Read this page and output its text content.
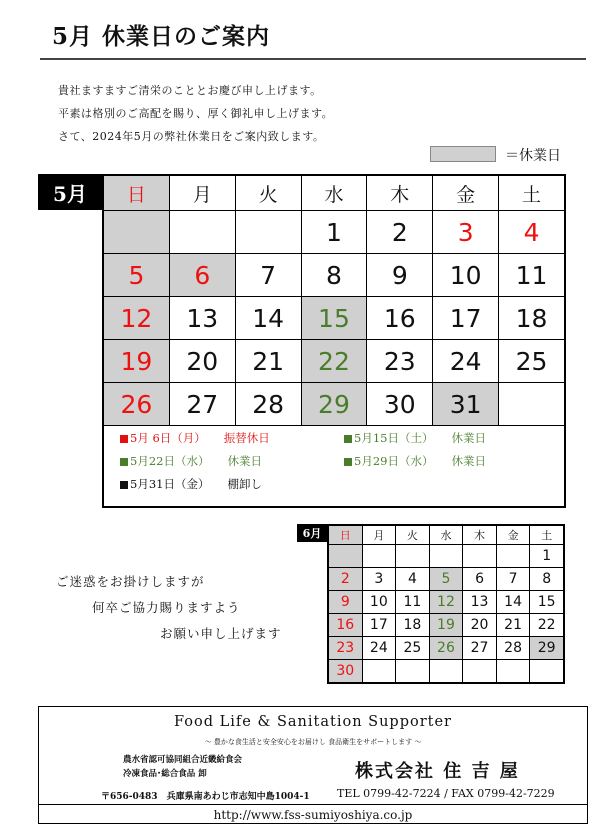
5月 休業日のご案内
貴社ますますご清栄のこととお慶び申し上げます。
平素は格別のご高配を賜り、厚く御礼申し上げます。
さて、2024年5月の弊社休業日をご案内致します。
＝休業日
5月	日	月	火	水	木	金	土
			1	2	3	4
5	6	7	8	9	10	11
12	13	14	15	16	17	18
19	20	21	22	23	24	25
26	27	28	29	30	31	
5月 6日（月） 振替休日	5月15日（土） 休業日
5月22日（水） 休業日	5月29日（水） 休業日
5月31日（金） 棚卸し
6月	日	月	火	水	木	金	土
						1
2	3	4	5	6	7	8
9	10	11	12	13	14	15
16	17	18	19	20	21	22
23	24	25	26	27	28	29
30						
ご迷惑をお掛けしますが
何卒ご協力賜りますよう
お願い申し上げます
Food Life & Sanitation Supporter
～ 豊かな食生活と安全安心をお届けし 食品衛生をサポートします ～
農水省認可協同組合近畿給食会
冷凍食品･総合食品 卸	株式会社 住 吉 屋
〒656-0483　兵庫県南あわじ市志知中島1004-1 TEL 0799-42-7224 / FAX 0799-42-7229
http://www.fss-sumiyoshiya.co.jp
